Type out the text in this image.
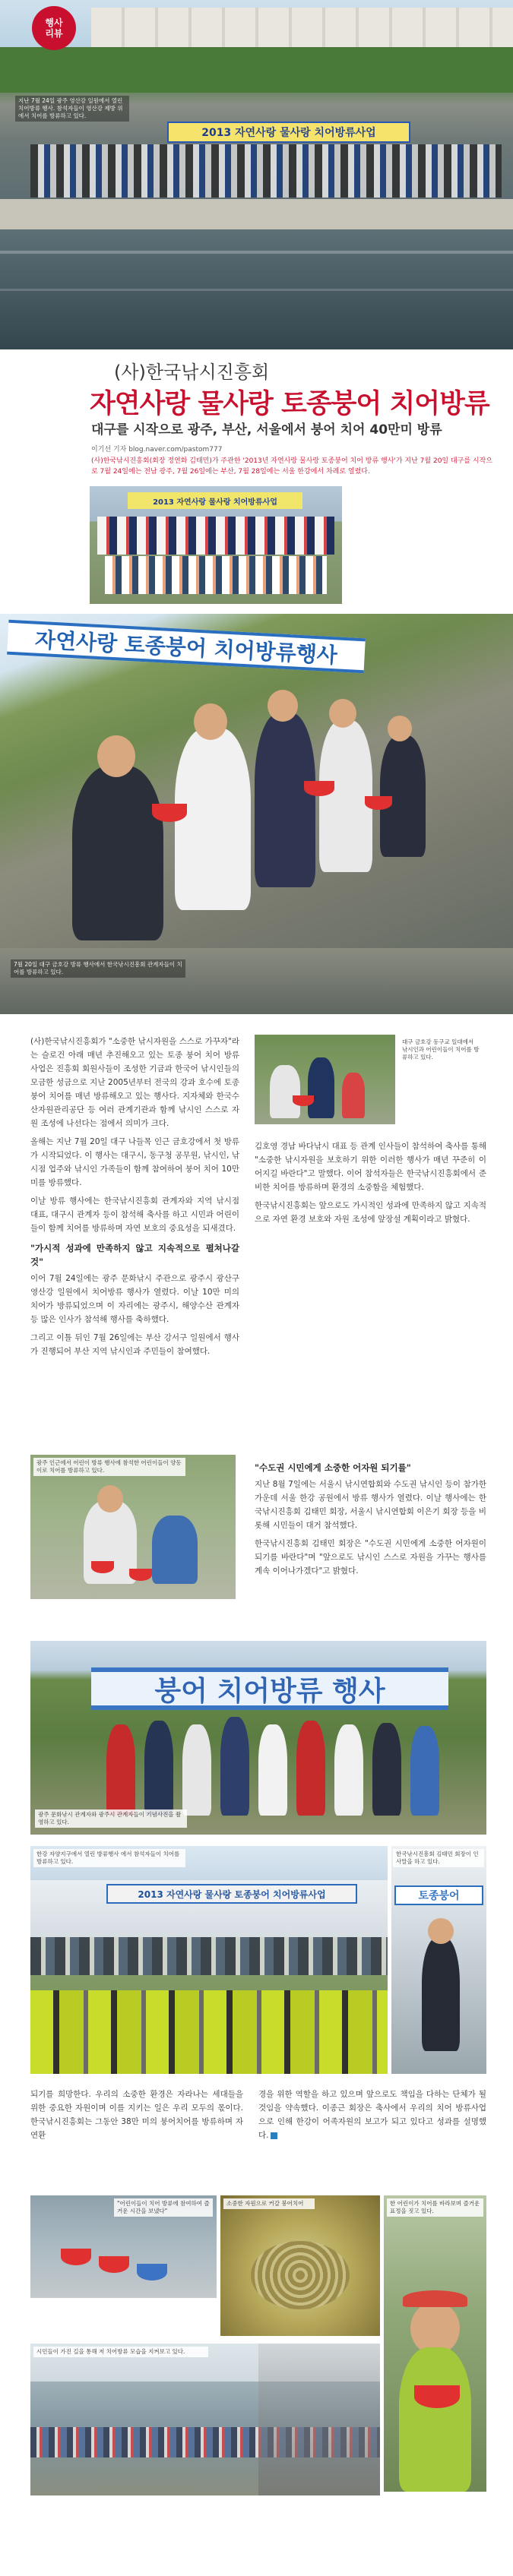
행사
리뷰
2013 자연사랑 물사랑 치어방류사업
지난 7월 24일 광주 영산강 일원에서 열린 치어방류 행사. 참석자들이 영산강 제방 위에서 치어를 방류하고 있다.
(사)한국낚시진흥회
자연사랑 물사랑 토종붕어 치어방류
대구를 시작으로 광주, 부산, 서울에서 붕어 치어 40만미 방류
이기선 기자 blog.naver.com/pastom777
(사)한국낚시진흥회(회장 정연화 김태민)가 주관한 '2013년 자연사랑 물사랑 토종붕어 치어 방류 행사'가 지난 7월 20일 대구를 시작으로 7월 24일에는 전남 광주, 7월 26일에는 부산, 7월 28일에는 서울 한강에서 차례로 열렸다.
2013 자연사랑 물사랑 치어방류사업
자연사랑 토종붕어 치어방류행사
7월 20일 대구 금호강 방류 행사에서 한국낚시진흥회 관계자들이 치어를 방류하고 있다.

(사)한국낚시진흥회가 "소중한 낚시자원을 스스로 가꾸자"라는 슬로건 아래 매년 추진해오고 있는 토종 붕어 치어 방류 사업은 진흥회 회원사들이 조성한 기금과 한국어 낚시인들의 모금한 성금으로 지난 2005년부터 전국의 강과 호수에 토종 붕어 치어를 매년 방류해오고 있는 행사다. 지자체와 한국수산자원관리공단 등 여러 관계기관과 함께 낚시인 스스로 자원 조성에 나선다는 점에서 의미가 크다.

올해는 지난 7월 20일 대구 나들목 인근 금호강에서 첫 방류가 시작되었다. 이 행사는 대구시, 동구청 공무원, 낚시인, 낚시점 업주와 낚시인 가족들이 함께 참여하여 붕어 치어 10만 미를 방류했다.

이날 방류 행사에는 한국낚시진흥회 관계자와 지역 낚시점 대표, 대구시 관계자 등이 참석해 축사를 하고 시민과 어린이들이 함께 치어를 방류하며 자연 보호의 중요성을 되새겼다.

"가시적 성과에 만족하지 않고 지속적으로 펼쳐나갈 것"

이어 7월 24일에는 광주 문화낚시 주관으로 광주시 광산구 영산강 일원에서 치어방류 행사가 열렸다. 이날 10만 미의 치어가 방류되었으며 이 자리에는 광주시, 해양수산 관계자 등 많은 인사가 참석해 행사를 축하했다.

그리고 이틀 뒤인 7월 26일에는 부산 강서구 일원에서 행사가 진행되어 부산 지역 낚시인과 주민들이 참여했다.

대구 금호강 동구교 일대에서 낚시인과 어린이들이 치어를 방류하고 있다.

김호영 경남 바다낚시 대표 등 관계 인사들이 참석하여 축사를 통해 "소중한 낚시자원을 보호하기 위한 이러한 행사가 매년 꾸준히 이어지길 바란다"고 말했다. 이어 참석자들은 한국낚시진흥회에서 준비한 치어를 방류하며 환경의 소중함을 체험했다.

한국낚시진흥회는 앞으로도 가시적인 성과에 만족하지 않고 지속적으로 자연 환경 보호와 자원 조성에 앞장설 계획이라고 밝혔다.

광주 인근에서 어린이 방류 행사에 참석한 어린이들이 양동이로 치어를 방류하고 있다.	"수도권 시민에게 소중한 어자원 되기를"

지난 8월 7일에는 서울시 낚시연합회와 수도권 낚시인 등이 참가한 가운데 서울 한강 공원에서 방류 행사가 열렸다. 이날 행사에는 한국낚시진흥회 김태민 회장, 서울시 낚시연합회 이은기 회장 등을 비롯해 시민들이 대거 참석했다.

한국낚시진흥회 김태민 회장은 "수도권 시민에게 소중한 어자원이 되기를 바란다"며 "앞으로도 낚시인 스스로 자원을 가꾸는 행사를 계속 이어나가겠다"고 밝혔다.

붕어 치어방류 행사
광주 문화낚시 관계자와 광주시 관계자들이 기념사진을 촬영하고 있다.
한강 자양지구에서 열린 방류행사 에서 참석자들이 치어를 방류하고 있다.
2013 자연사랑 물사랑 토종붕어 치어방류사업
한국낚시진흥회 김태민 회장이 인사말을 하고 있다.
토종붕어

되기를 희망한다. 우리의 소중한 환경은 자라나는 세대들을 위한 중요한 자원이며 이를 지키는 일은 우리 모두의 몫이다. 한국낚시진흥회는 그동안 38만 미의 붕어치어를 방류하며 자연환

경을 위한 역할을 하고 있으며 앞으로도 책임을 다하는 단체가 될 것임을 약속했다. 이종근 회장은 축사에서 우리의 치어 방류사업으로 인해 한강이 어족자원의 보고가 되고 있다고 성과를 설명했다.

"어린이들이 치어 방류에 참여하여 즐거운 시간을 보냈다"
소중한 자원으로 커갈 붕어치어	한 어린이가 치어를 바라보며 즐거운 표정을 짓고 있다.
시민들이 가진 길을 통해 저 치어방류 모습을 지켜보고 있다.
